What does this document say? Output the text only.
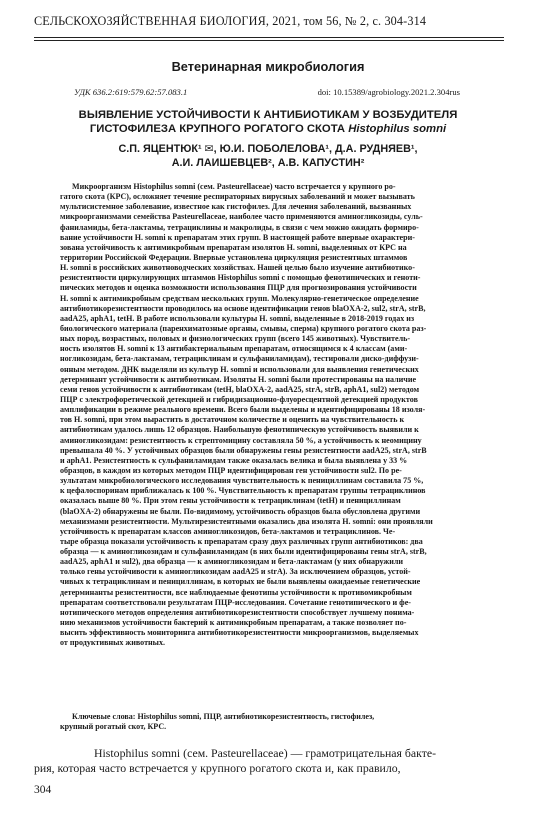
СЕЛЬСКОХОЗЯЙСТВЕННАЯ БИОЛОГИЯ, 2021, том 56, № 2, с. 304-314
Ветеринарная микробиология
УДК 636.2:619:579.62:57.083.1	doi: 10.15389/agrobiology.2021.2.304rus
ВЫЯВЛЕНИЕ УСТОЙЧИВОСТИ К АНТИБИОТИКАМ У ВОЗБУДИТЕЛЯ
ГИСТОФИЛЕЗА КРУПНОГО РОГАТОГО СКОТА Histophilus somni
С.П. ЯЦЕНТЮК¹ ✉, Ю.И. ПОБОЛЕЛОВА¹, Д.А. РУДНЯЕВ¹,
А.И. ЛАИШЕВЦЕВ², А.В. КАПУСТИН²
Микроорганизм Histophilus somni (сем. Pasteurellaceae) часто встречается у крупного ро-
гатого скота (КРС), осложняет течение респираторных вирусных заболеваний и может вызывать
мультисистемное заболевание, известное как гистофилез. Для лечения заболеваний, вызванных
микроорганизмами семейства Pasteurellaceae, наиболее часто применяются аминогликозиды, суль-
фаниламиды, бета-лактамы, тетрациклины и макролиды, в связи с чем можно ожидать формиро-
вание устойчивости H. somni к препаратам этих групп. В настоящей работе впервые охарактери-
зована устойчивость к антимикробным препаратам изолятов H. somni, выделенных от КРС на
территории Российской Федерации. Впервые установлена циркуляция резистентных штаммов
H. somni в российских животноводческих хозяйствах. Нашей целью было изучение антибиотико-
резистентности циркулирующих штаммов Histophilus somni с помощью фенотипических и геноти-
пических методов и оценка возможности использования ПЦР для прогнозирования устойчивости
H. somni к антимикробным средствам нескольких групп. Молекулярно-генетическое определение
антибиотикорезистентности проводилось на основе идентификации генов blaOXA-2, sul2, strA, strB,
aadA25, aphA1, tetH. В работе использовали культуры H. somni, выделенные в 2018-2019 годах из
биологического материала (паренхиматозные органы, смывы, сперма) крупного рогатого скота раз-
ных пород, возрастных, половых и физиологических групп (всего 145 животных). Чувствитель-
ность изолятов H. somni к 13 антибактериальным препаратам, относящимся к 4 классам (ами-
ногликозидам, бета-лактамам, тетрациклинам и сульфаниламидам), тестировали диско-диффузи-
онным методом. ДНК выделяли из культур H. somni и использовали для выявления генетических
детерминант устойчивости к антибиотикам. Изоляты H. somni были протестированы на наличие
семи генов устойчивости к антибиотикам (tetH, blaOXA-2, aadA25, strA, strB, aphA1, sul2) методом
ПЦР с электрофоретической детекцией и гибридизационно-флуоресцентной детекцией продуктов
амплификации в режиме реального времени. Всего были выделены и идентифицированы 18 изоля-
тов H. somni, при этом вырастить в достаточном количестве и оценить на чувствительность к
антибиотикам удалось лишь 12 образцов. Наибольшую фенотипическую устойчивость выявили к
аминогликозидам: резистентность к стрептомицину составляла 50 %, а устойчивость к неомицину
превышала 40 %. У устойчивых образцов были обнаружены гены резистентности aadA25, strA, strB
и aphA1. Резистентность к сульфаниламидам также оказалась велика и была выявлена у 33 %
образцов, в каждом из которых методом ПЦР идентифицирован ген устойчивости sul2. По ре-
зультатам микробиологического исследования чувствительность к пенициллинам составила 75 %,
к цефалоспоринам приближалась к 100 %. Чувствительность к препаратам группы тетрациклинов
оказалась выше 80 %. При этом гены устойчивости к тетрациклинам (tetH) и пенициллинам
(blaOXA-2) обнаружены не были. По-видимому, устойчивость образцов была обусловлена другими
механизмами резистентности. Мультирезистентными оказались два изолята H. somni: они проявляли
устойчивость к препаратам классов аминогликозидов, бета-лактамов и тетрациклинов. Че-
тыре образца показали устойчивость к препаратам сразу двух различных групп антибиотиков: два
образца — к аминогликозидам и сульфаниламидам (в них были идентифицированы гены strA, strB,
aadA25, aphA1 и sul2), два образца — к аминогликозидам и бета-лактамам (у них обнаружили
только гены устойчивости к аминогликозидам aadA25 и strA). За исключением образцов, устой-
чивых к тетрациклинам и пенициллинам, в которых не были выявлены ожидаемые генетические
детерминанты резистентности, все наблюдаемые фенотипы устойчивости к противомикробным
препаратам соответствовали результатам ПЦР-исследования. Сочетание генотипического и фе-
нотипического методов определения антибиотикорезистентности способствует лучшему понима-
нию механизмов устойчивости бактерий к антимикробным препаратам, а также позволяет по-
высить эффективность мониторинга антибиотикорезистентности микроорганизмов, выделяемых
от продуктивных животных.
Ключевые слова: Histophilus somni, ПЦР, антибиотикорезистентность, гистофилез,
крупный рогатый скот, КРС.
Histophilus somni (сем. Pasteurellaceae) — грамотрицательная бакте-
рия, которая часто встречается у крупного рогатого скота и, как правило,
304
